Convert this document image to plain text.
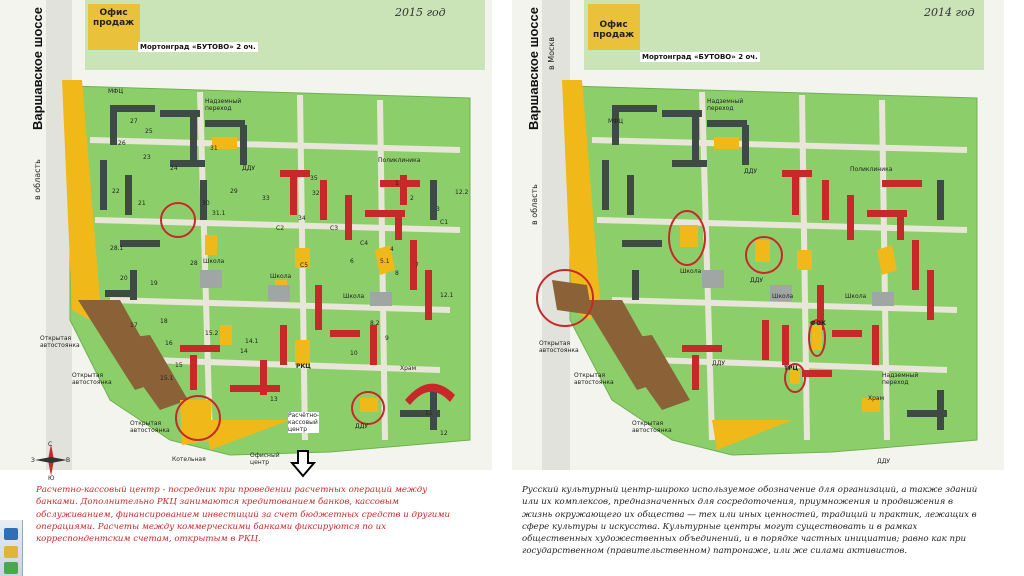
2015 год
Офис
продаж
Мортонград «БУТОВО» 2 оч.
Варшавское шоссе
в область
МФЦ
Надземный
переход
ДДУ
Поликлиника
Школа
Школа
Школа
РКЦ
Открытая
автостоянка
Открытая
автостоянка
Открытая
автостоянка
Расчётно-
кассовый
центр
Котельная
Офисный
центр
Храм
ДДУ
27
26
25
23
24
22
21
28.1
20
19
18
17
16
15
15.1
15.2
31
29
30
31.1
28
33
32
34
35
14
14.1
13
1
2
3
4
5.1
6
7
8
8.2
9
10
11
12
12.1
12.2
С1
С2	С3
С4
С5
2014 год
Офис
продаж
Мортонград «БУТОВО» 2 оч.
Варшавское шоссе
в область
в Москв
МФЦ
Надземный
переход
ДДУ	Поликлиника
Школа
Школа	Школа
ДДУ
ДДУ
ФОК
ТРЦ
Открытая
автостоянка
Открытая
автостоянка
Открытая
автостоянка
Надземный
переход
Храм
ДДУ
С
Ю
З	В
Расчетно-кассовый центр - посредник при проведении расчетных операций между банками. Дополнительно РКЦ занимаются кредитованием банков, кассовым обслуживанием, финансированием инвестиций за счет бюджетных средств и другими операциями. Расчеты между коммерческими банками фиксируются по их корреспондентским счетам, открытым в РКЦ.
Русский культурный центр-широко используемое обозначение для организаций, а также зданий или их комплексов, предназначенных для сосредоточения, приумножения и продвижения в жизнь окружающего их общества — тех или иных ценностей, традиций и практик, лежащих в сфере культуры и искусства. Культурные центры могут существовать и в рамках общественных художественных объединений, и в порядке частных инициатив; равно как при государственном (правительственном) патронаже, или же силами активистов.
